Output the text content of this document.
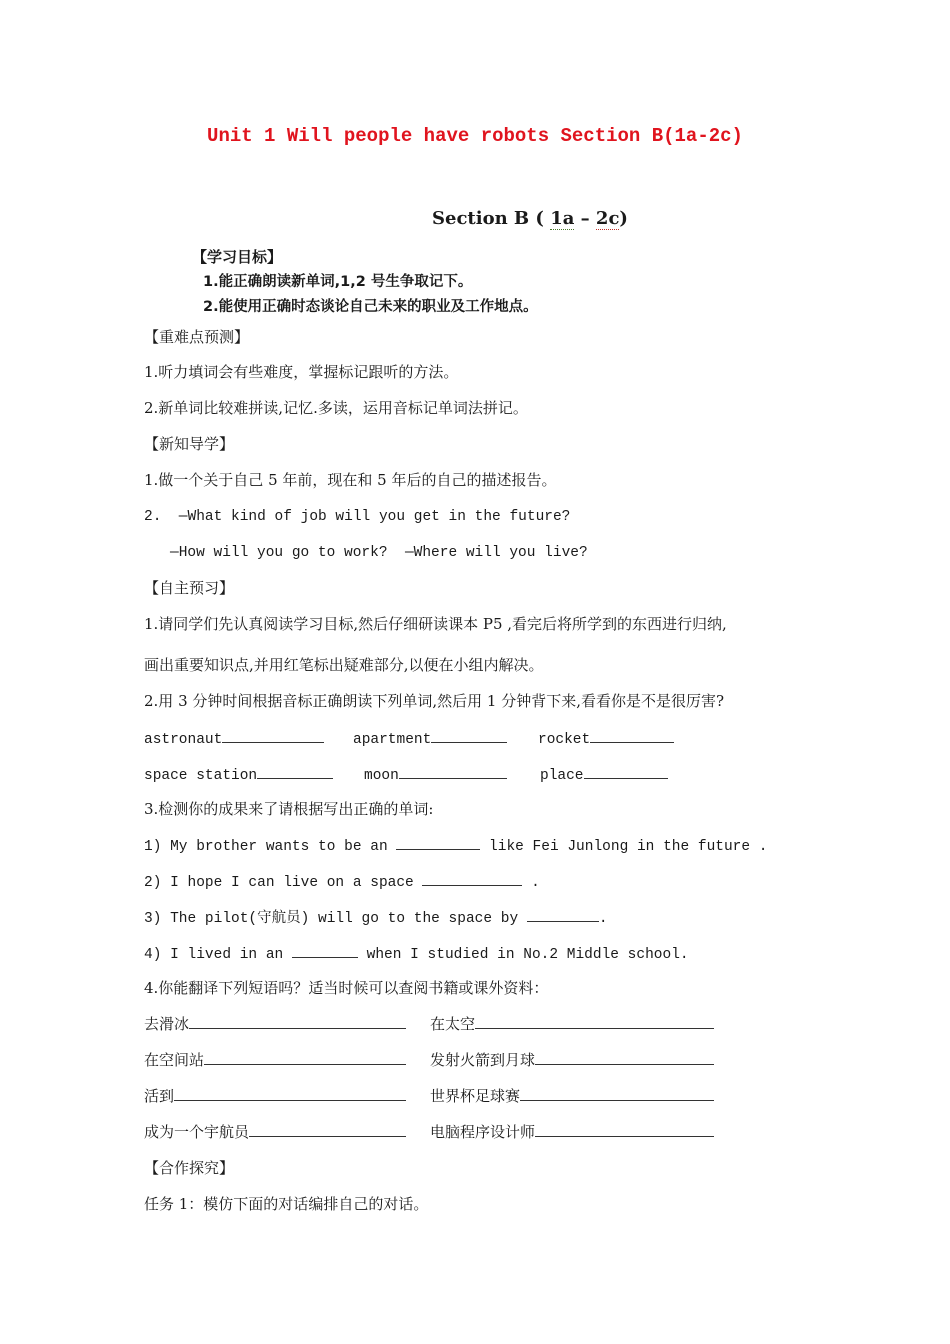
Unit 1 Will people have robots Section B(1a-2c)
Section B ( 1a – 2c)
【学习目标】
1.能正确朗读新单词,1,2 号生争取记下。
2.能使用正确时态谈论自己未来的职业及工作地点。
【重难点预测】
1.听力填词会有些难度，掌握标记跟听的方法。
2.新单词比较难拼读,记忆.多读，运用音标记单词法拼记。
【新知导学】
1.做一个关于自己 5 年前，现在和 5 年后的自己的描述报告。
2.  —What kind of job will you get in the future?
—How will you go to work?  —Where will you live?
【自主预习】
1.请同学们先认真阅读学习目标,然后仔细研读课本 P5 ,看完后将所学到的东西进行归纳,
画出重要知识点,并用红笔标出疑难部分,以便在小组内解决。
2.用 3 分钟时间根据音标正确朗读下列单词,然后用 1 分钟背下来,看看你是不是很厉害?
astronaut	apartment	rocket
space station	moon	place
3.检测你的成果来了请根据写出正确的单词:
1) My brother wants to be an	like Fei Junlong in the future .
2) I hope I can live on a space	.
3) The pilot(守航员) will go to the space by	.
4) I lived in an	when I studied in No.2 Middle school.
4.你能翻译下列短语吗？适当时候可以查阅书籍或课外资料：
去滑冰	在太空
在空间站	发射火箭到月球
活到	世界杯足球赛
成为一个宇航员	电脑程序设计师
【合作探究】
任务 1：模仿下面的对话编排自己的对话。
